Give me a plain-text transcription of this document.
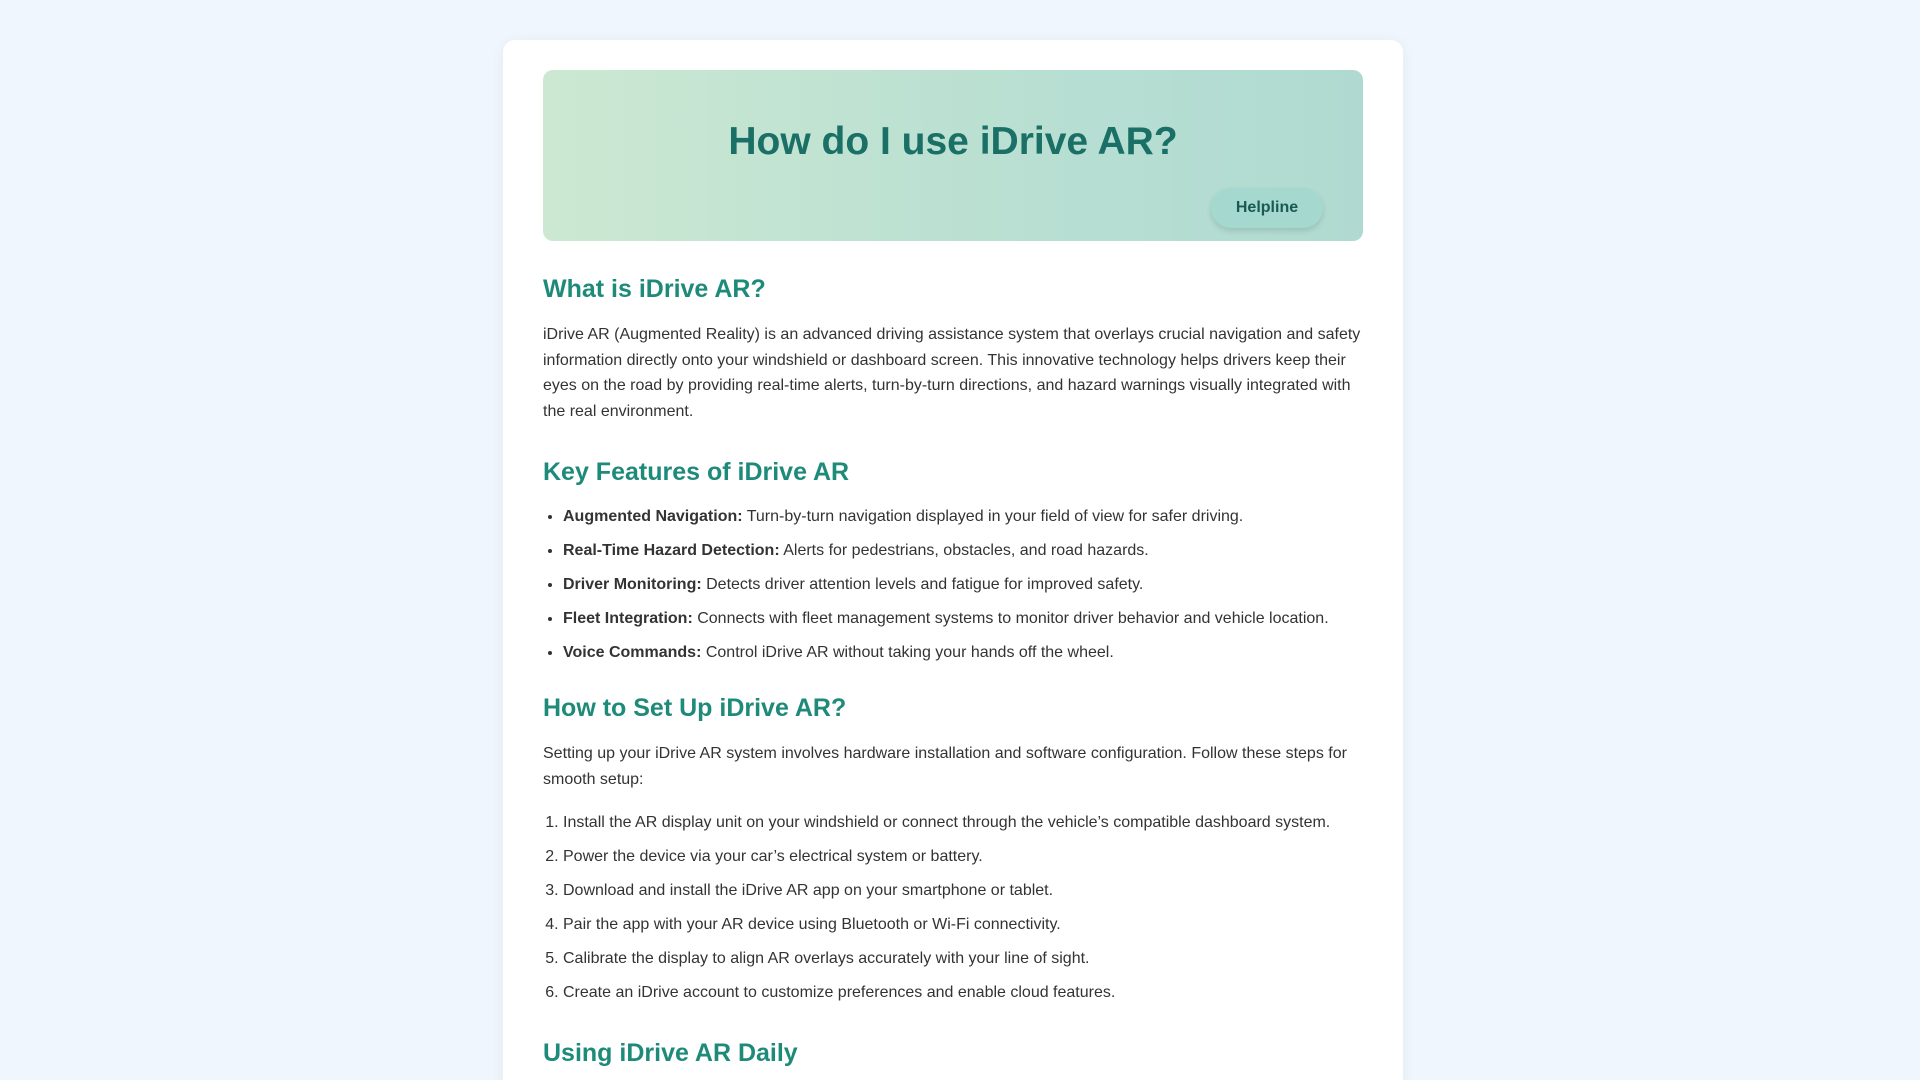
How do I use iDrive AR?
Helpline
What is iDrive AR?

iDrive AR (Augmented Reality) is an advanced driving assistance system that overlays crucial navigation and safety information directly onto your windshield or dashboard screen. This innovative technology helps drivers keep their eyes on the road by providing real-time alerts, turn-by-turn directions, and hazard warnings visually integrated with the real environment.

Key Features of iDrive AR
• Augmented Navigation: Turn-by-turn navigation displayed in your field of view for safer driving.
• Real-Time Hazard Detection: Alerts for pedestrians, obstacles, and road hazards.
• Driver Monitoring: Detects driver attention levels and fatigue for improved safety.
• Fleet Integration: Connects with fleet management systems to monitor driver behavior and vehicle location.
• Voice Commands: Control iDrive AR without taking your hands off the wheel.
How to Set Up iDrive AR?

Setting up your iDrive AR system involves hardware installation and software configuration. Follow these steps for smooth setup:

1. Install the AR display unit on your windshield or connect through the vehicle’s compatible dashboard system.
2. Power the device via your car’s electrical system or battery.
3. Download and install the iDrive AR app on your smartphone or tablet.
4. Pair the app with your AR device using Bluetooth or Wi-Fi connectivity.
5. Calibrate the display to align AR overlays accurately with your line of sight.
6. Create an iDrive account to customize preferences and enable cloud features.
Using iDrive AR Daily
